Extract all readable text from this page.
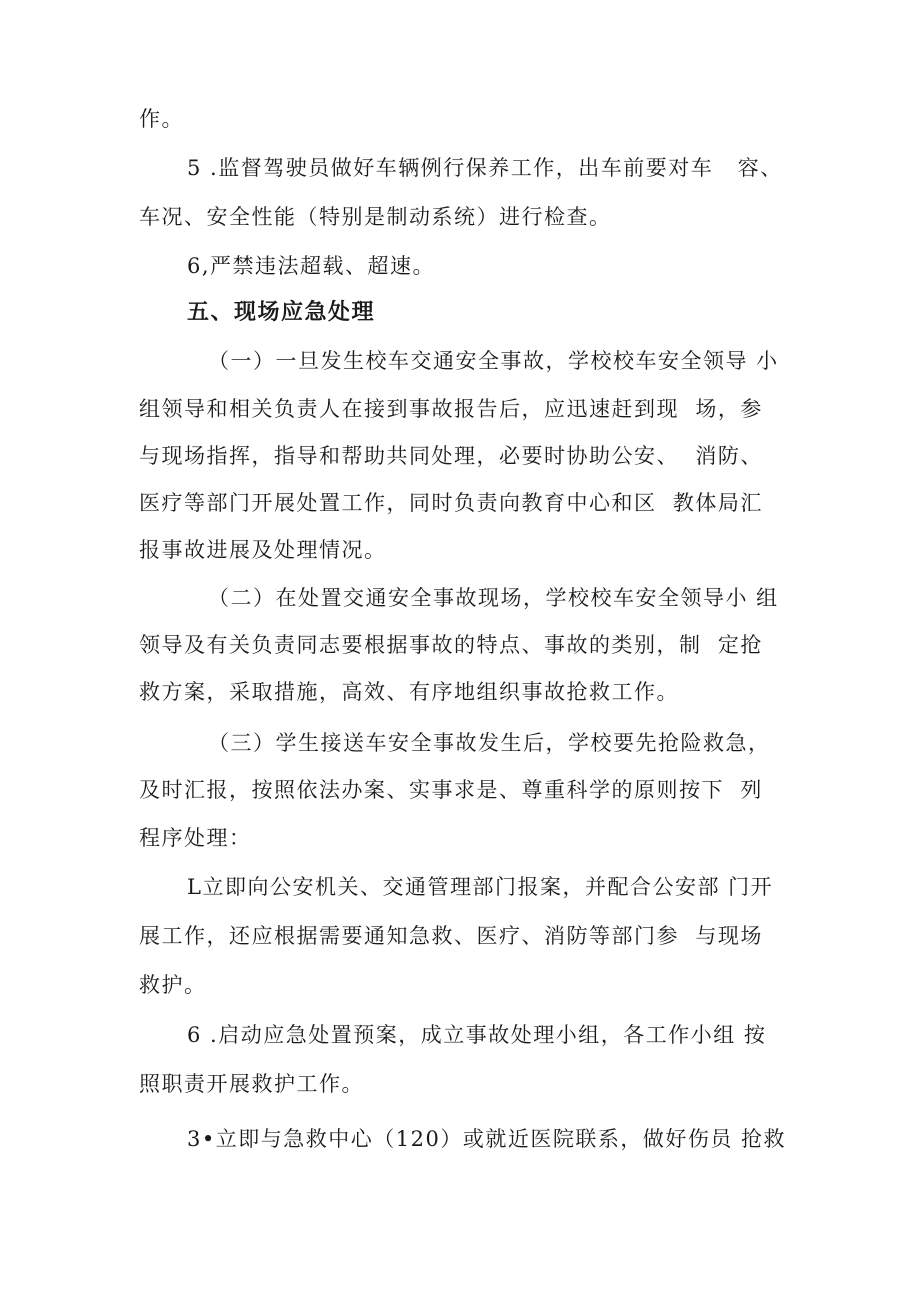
作。
5 .监督驾驶员做好车辆例行保养工作，出车前要对车   容、
车况、安全性能（特别是制动系统）进行检查。
6,严禁违法超载、超速。
五、现场应急处理
（一）一旦发生校车交通安全事故，学校校车安全领导 小
组领导和相关负责人在接到事故报告后，应迅速赶到现  场，参
与现场指挥，指导和帮助共同处理，必要时协助公安、  消防、
医疗等部门开展处置工作，同时负责向教育中心和区  教体局汇
报事故进展及处理情况。
（二）在处置交通安全事故现场，学校校车安全领导小 组
领导及有关负责同志要根据事故的特点、事故的类别，制  定抢
救方案，采取措施，高效、有序地组织事故抢救工作。
（三）学生接送车安全事故发生后，学校要先抢险救急，
及时汇报，按照依法办案、实事求是、尊重科学的原则按下  列
程序处理：
L立即向公安机关、交通管理部门报案，并配合公安部 门开
展工作，还应根据需要通知急救、医疗、消防等部门参  与现场
救护。
6 .启动应急处置预案，成立事故处理小组，各工作小组 按
照职责开展救护工作。
3•立即与急救中心（120）或就近医院联系，做好伤员 抢救
